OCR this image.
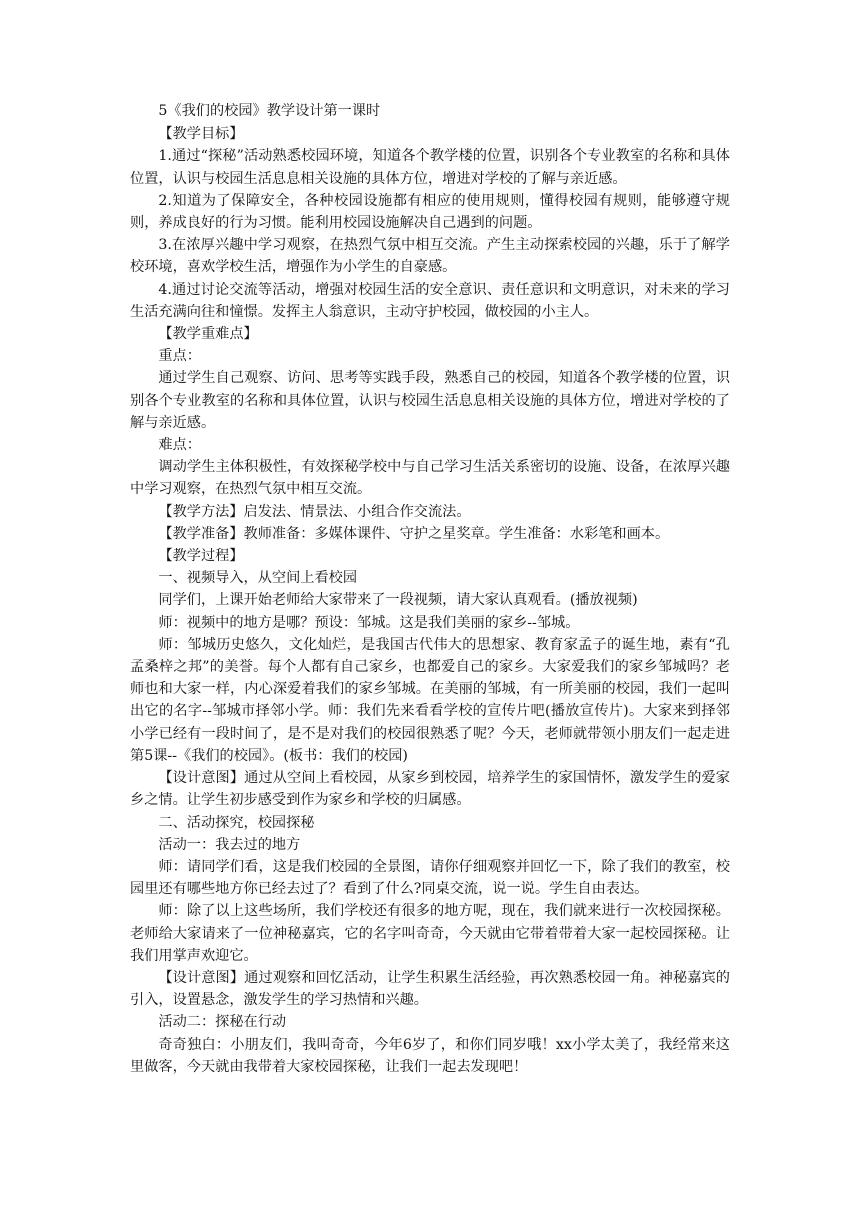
5《我们的校园》教学设计第一课时

【教学目标】

1.通过“探秘”活动熟悉校园环境，知道各个教学楼的位置，识别各个专业教室的名称和具体位置，认识与校园生活息息相关设施的具体方位，增进对学校的了解与亲近感。

2.知道为了保障安全，各种校园设施都有相应的使用规则，懂得校园有规则，能够遵守规则，养成良好的行为习惯。能利用校园设施解决自己遇到的问题。

3.在浓厚兴趣中学习观察，在热烈气氛中相互交流。产生主动探索校园的兴趣，乐于了解学校环境，喜欢学校生活，增强作为小学生的自豪感。

4.通过讨论交流等活动，增强对校园生活的安全意识、责任意识和文明意识，对未来的学习生活充满向往和憧憬。发挥主人翁意识，主动守护校园，做校园的小主人。

【教学重难点】

重点：

通过学生自己观察、访问、思考等实践手段，熟悉自己的校园，知道各个教学楼的位置，识别各个专业教室的名称和具体位置，认识与校园生活息息相关设施的具体方位，增进对学校的了解与亲近感。

难点：

调动学生主体积极性，有效探秘学校中与自己学习生活关系密切的设施、设备，在浓厚兴趣中学习观察，在热烈气氛中相互交流。

【教学方法】启发法、情景法、小组合作交流法。

【教学准备】教师准备：多媒体课件、守护之星奖章。学生准备：水彩笔和画本。

【教学过程】

一、视频导入，从空间上看校园

同学们，上课开始老师给大家带来了一段视频，请大家认真观看。(播放视频)

师：视频中的地方是哪？预设：邹城。这是我们美丽的家乡--邹城。

师：邹城历史悠久，文化灿烂，是我国古代伟大的思想家、教育家孟子的诞生地，素有“孔孟桑梓之邦”的美誉。每个人都有自己家乡，也都爱自己的家乡。大家爱我们的家乡邹城吗？老师也和大家一样，内心深爱着我们的家乡邹城。在美丽的邹城，有一所美丽的校园，我们一起叫出它的名字--邹城市择邻小学。师：我们先来看看学校的宣传片吧(播放宣传片)。大家来到择邻小学已经有一段时间了，是不是对我们的校园很熟悉了呢？今天，老师就带领小朋友们一起走进第5课--《我们的校园》。(板书：我们的校园)

【设计意图】通过从空间上看校园，从家乡到校园，培养学生的家国情怀，激发学生的爱家乡之情。让学生初步感受到作为家乡和学校的归属感。

二、活动探究，校园探秘

活动一：我去过的地方

师：请同学们看，这是我们校园的全景图，请你仔细观察并回忆一下，除了我们的教室，校园里还有哪些地方你已经去过了？看到了什么?同桌交流，说一说。学生自由表达。

师：除了以上这些场所，我们学校还有很多的地方呢，现在，我们就来进行一次校园探秘。老师给大家请来了一位神秘嘉宾，它的名字叫奇奇，今天就由它带着带着大家一起校园探秘。让我们用掌声欢迎它。

【设计意图】通过观察和回忆活动，让学生积累生活经验，再次熟悉校园一角。神秘嘉宾的引入，设置悬念，激发学生的学习热情和兴趣。

活动二：探秘在行动

奇奇独白：小朋友们，我叫奇奇，今年6岁了，和你们同岁哦！xx小学太美了，我经常来这里做客，今天就由我带着大家校园探秘，让我们一起去发现吧！
